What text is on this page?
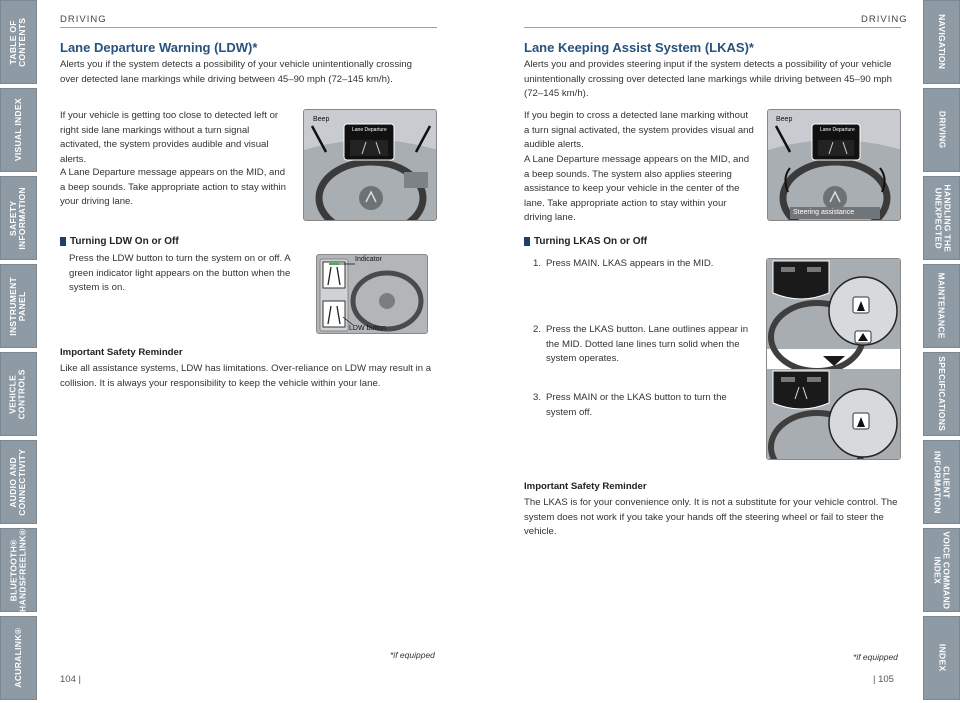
TABLE OF
CONTENTS
VISUAL INDEX
SAFETY
INFORMATION
INSTRUMENT
PANEL
VEHICLE
CONTROLS
AUDIO AND
CONNECTIVITY
BLUETOOTH®
HANDSFREELINK®
ACURALINK®
NAVIGATION
DRIVING
HANDLING THE
UNEXPECTED
MAINTENANCE
SPECIFICATIONS
CLIENT
INFORMATION
VOICE COMMAND
INDEX
INDEX
DRIVING
Lane Departure Warning (LDW)*
Alerts you if the system detects a possibility of your vehicle unintentionally crossing over detected lane markings while driving between 45–90 mph (72–145 km/h).
If your vehicle is getting too close to detected left or right side lane markings without a turn signal activated, the system provides audible and visual alerts.
A Lane Departure message appears on the MID, and a beep sounds. Take appropriate action to stay within your driving lane.
Beep
Lane Departure
Turning LDW On or Off
Press the LDW button to turn the system on or off. A green indicator light appears on the button when the system is on.
Indicator
LDW button
Important Safety Reminder
Like all assistance systems, LDW has limitations. Over-reliance on LDW may result in a collision. It is always your responsibility to keep the vehicle within your lane.
*if equipped
104 |
DRIVING
Lane Keeping Assist System (LKAS)*
Alerts you and provides steering input if the system detects a possibility of your vehicle unintentionally crossing over detected lane markings while driving between 45–90 mph (72–145 km/h).
If you begin to cross a detected lane marking without a turn signal activated, the system provides visual and audible alerts.
A Lane Departure message appears on the MID, and a beep sounds. The system also applies steering assistance to keep your vehicle in the center of the lane. Take appropriate action to stay within your driving lane.
Beep
Lane Departure
Steering assistance
Turning LKAS On or Off
1. Press MAIN. LKAS appears in the MID.
2. Press the LKAS button. Lane outlines appear in the MID. Dotted lane lines turn solid when the system operates.
3. Press MAIN or the LKAS button to turn the system off.
Important Safety Reminder
The LKAS is for your convenience only. It is not a substitute for your vehicle control. The system does not work if you take your hands off the steering wheel or fail to steer the vehicle.
*if equipped
| 105
